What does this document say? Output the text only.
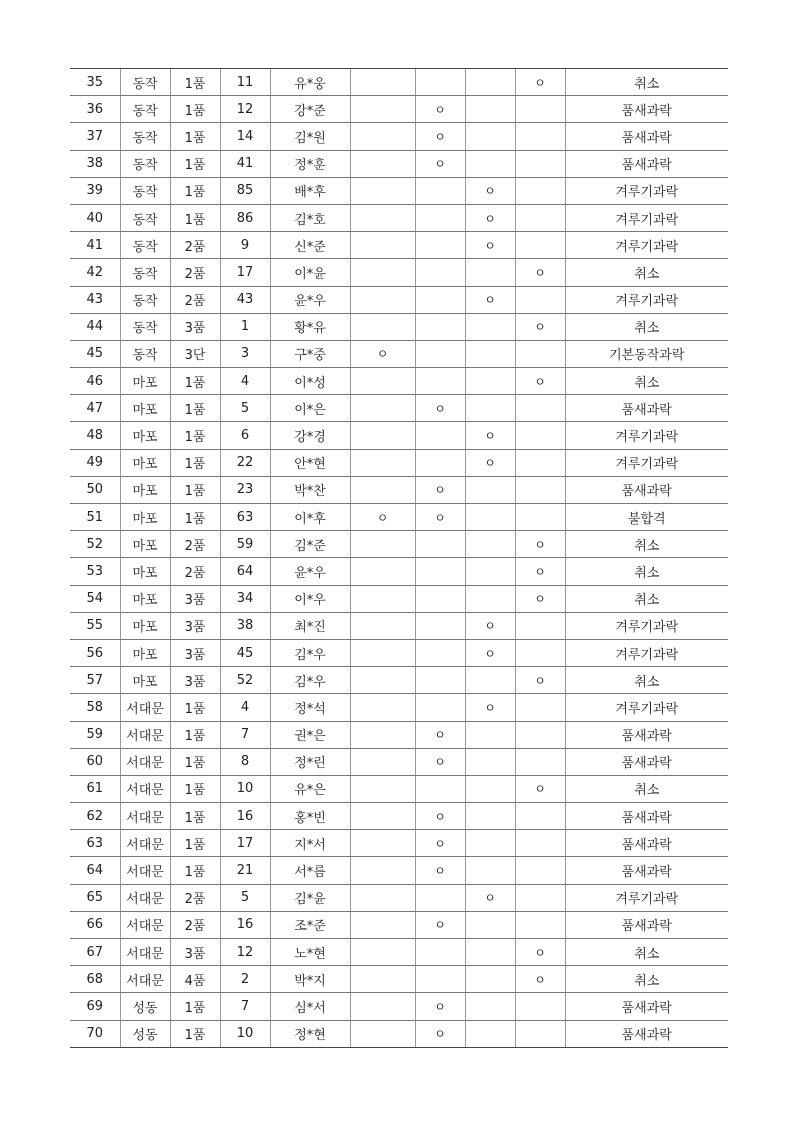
35	동작	1품	11	유*웅				ㅇ	취소
36	동작	1품	12	강*준		ㅇ			품새과락
37	동작	1품	14	김*원		ㅇ			품새과락
38	동작	1품	41	정*훈		ㅇ			품새과락
39	동작	1품	85	배*후			ㅇ		겨루기과락
40	동작	1품	86	김*호			ㅇ		겨루기과락
41	동작	2품	9	신*준			ㅇ		겨루기과락
42	동작	2품	17	이*윤				ㅇ	취소
43	동작	2품	43	윤*우			ㅇ		겨루기과락
44	동작	3품	1	황*유				ㅇ	취소
45	동작	3단	3	구*중	ㅇ				기본동작과락
46	마포	1품	4	이*성				ㅇ	취소
47	마포	1품	5	이*은		ㅇ			품새과락
48	마포	1품	6	강*경			ㅇ		겨루기과락
49	마포	1품	22	안*현			ㅇ		겨루기과락
50	마포	1품	23	박*찬		ㅇ			품새과락
51	마포	1품	63	이*후	ㅇ	ㅇ			불합격
52	마포	2품	59	김*준				ㅇ	취소
53	마포	2품	64	윤*우				ㅇ	취소
54	마포	3품	34	이*우				ㅇ	취소
55	마포	3품	38	최*진			ㅇ		겨루기과락
56	마포	3품	45	김*우			ㅇ		겨루기과락
57	마포	3품	52	김*우				ㅇ	취소
58	서대문	1품	4	정*석			ㅇ		겨루기과락
59	서대문	1품	7	권*은		ㅇ			품새과락
60	서대문	1품	8	정*린		ㅇ			품새과락
61	서대문	1품	10	유*은				ㅇ	취소
62	서대문	1품	16	홍*빈		ㅇ			품새과락
63	서대문	1품	17	지*서		ㅇ			품새과락
64	서대문	1품	21	서*름		ㅇ			품새과락
65	서대문	2품	5	김*윤			ㅇ		겨루기과락
66	서대문	2품	16	조*준		ㅇ			품새과락
67	서대문	3품	12	노*현				ㅇ	취소
68	서대문	4품	2	박*지				ㅇ	취소
69	성동	1품	7	심*서		ㅇ			품새과락
70	성동	1품	10	정*현		ㅇ			품새과락
